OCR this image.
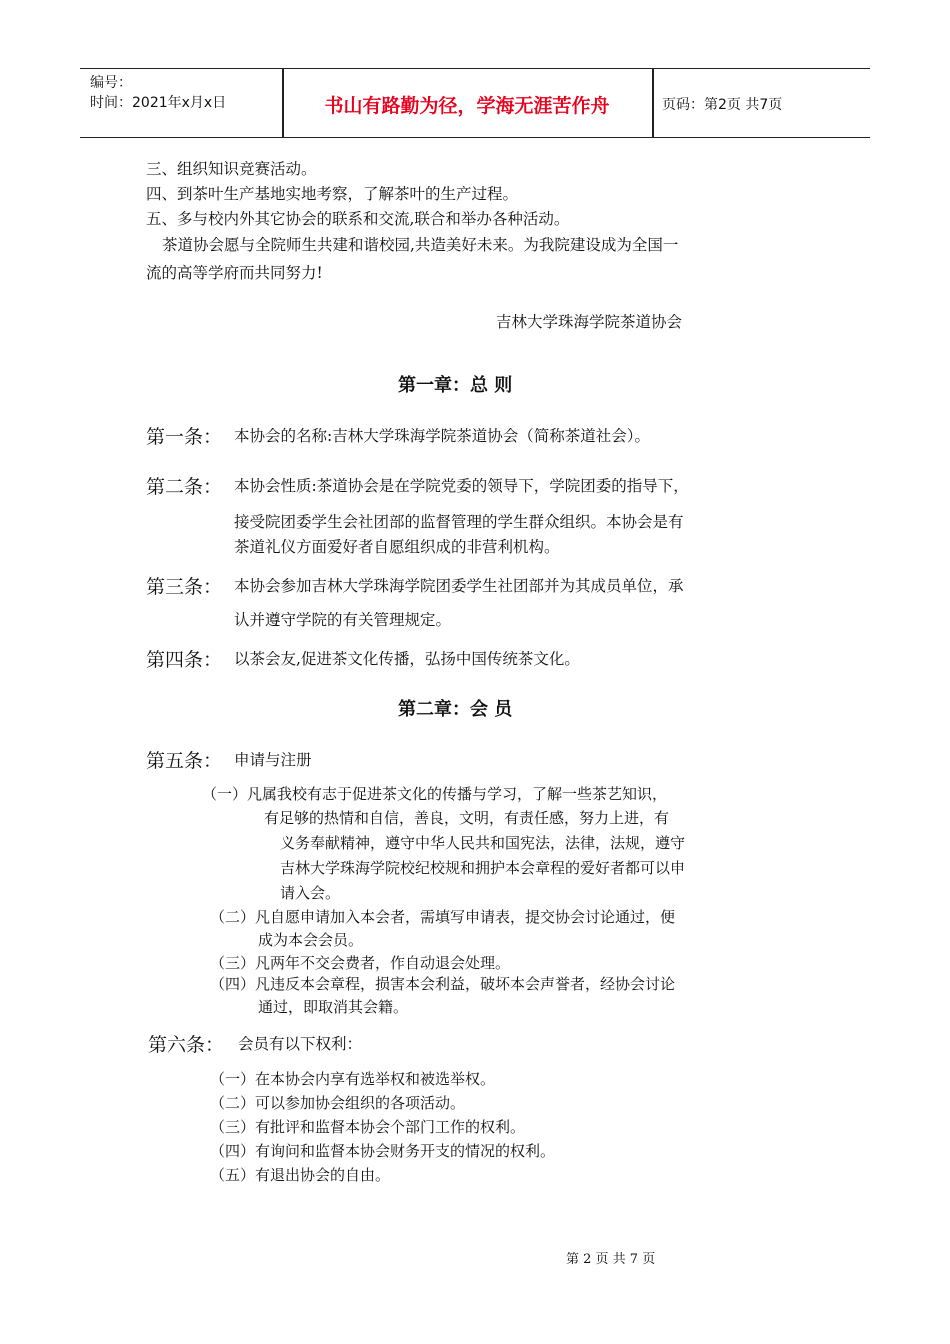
编号：
时间：2021年x月x日	书山有路勤为径，学海无涯苦作舟	页码：第2页 共7页
三、组织知识竞赛活动。
四、到茶叶生产基地实地考察，了解茶叶的生产过程。
五、多与校内外其它协会的联系和交流,联合和举办各种活动。
茶道协会愿与全院师生共建和谐校园,共造美好未来。为我院建设成为全国一
流的高等学府而共同努力!
吉林大学珠海学院茶道协会
第一章：总 则
第一条： 本协会的名称:吉林大学珠海学院茶道协会（简称茶道社会）。
第二条： 本协会性质:茶道协会是在学院党委的领导下，学院团委的指导下，
接受院团委学生会社团部的监督管理的学生群众组织。本协会是有
茶道礼仪方面爱好者自愿组织成的非营利机构。
第三条： 本协会参加吉林大学珠海学院团委学生社团部并为其成员单位，承
认并遵守学院的有关管理规定。
第四条： 以茶会友,促进茶文化传播，弘扬中国传统茶文化。
第二章：会 员
第五条： 申请与注册
（一）凡属我校有志于促进茶文化的传播与学习，了解一些茶艺知识，
有足够的热情和自信，善良，文明，有责任感，努力上进，有
义务奉献精神，遵守中华人民共和国宪法，法律，法规，遵守
吉林大学珠海学院校纪校规和拥护本会章程的爱好者都可以申
请入会。
（二）凡自愿申请加入本会者，需填写申请表，提交协会讨论通过，便
成为本会会员。
（三）凡两年不交会费者，作自动退会处理。
（四）凡违反本会章程，损害本会利益，破坏本会声誉者，经协会讨论
通过，即取消其会籍。
第六条： 会员有以下权利：
（一）在本协会内享有选举权和被选举权。
（二）可以参加协会组织的各项活动。
（三）有批评和监督本协会个部门工作的权利。
（四）有询问和监督本协会财务开支的情况的权利。
（五）有退出协会的自由。
第 2 页 共 7 页
